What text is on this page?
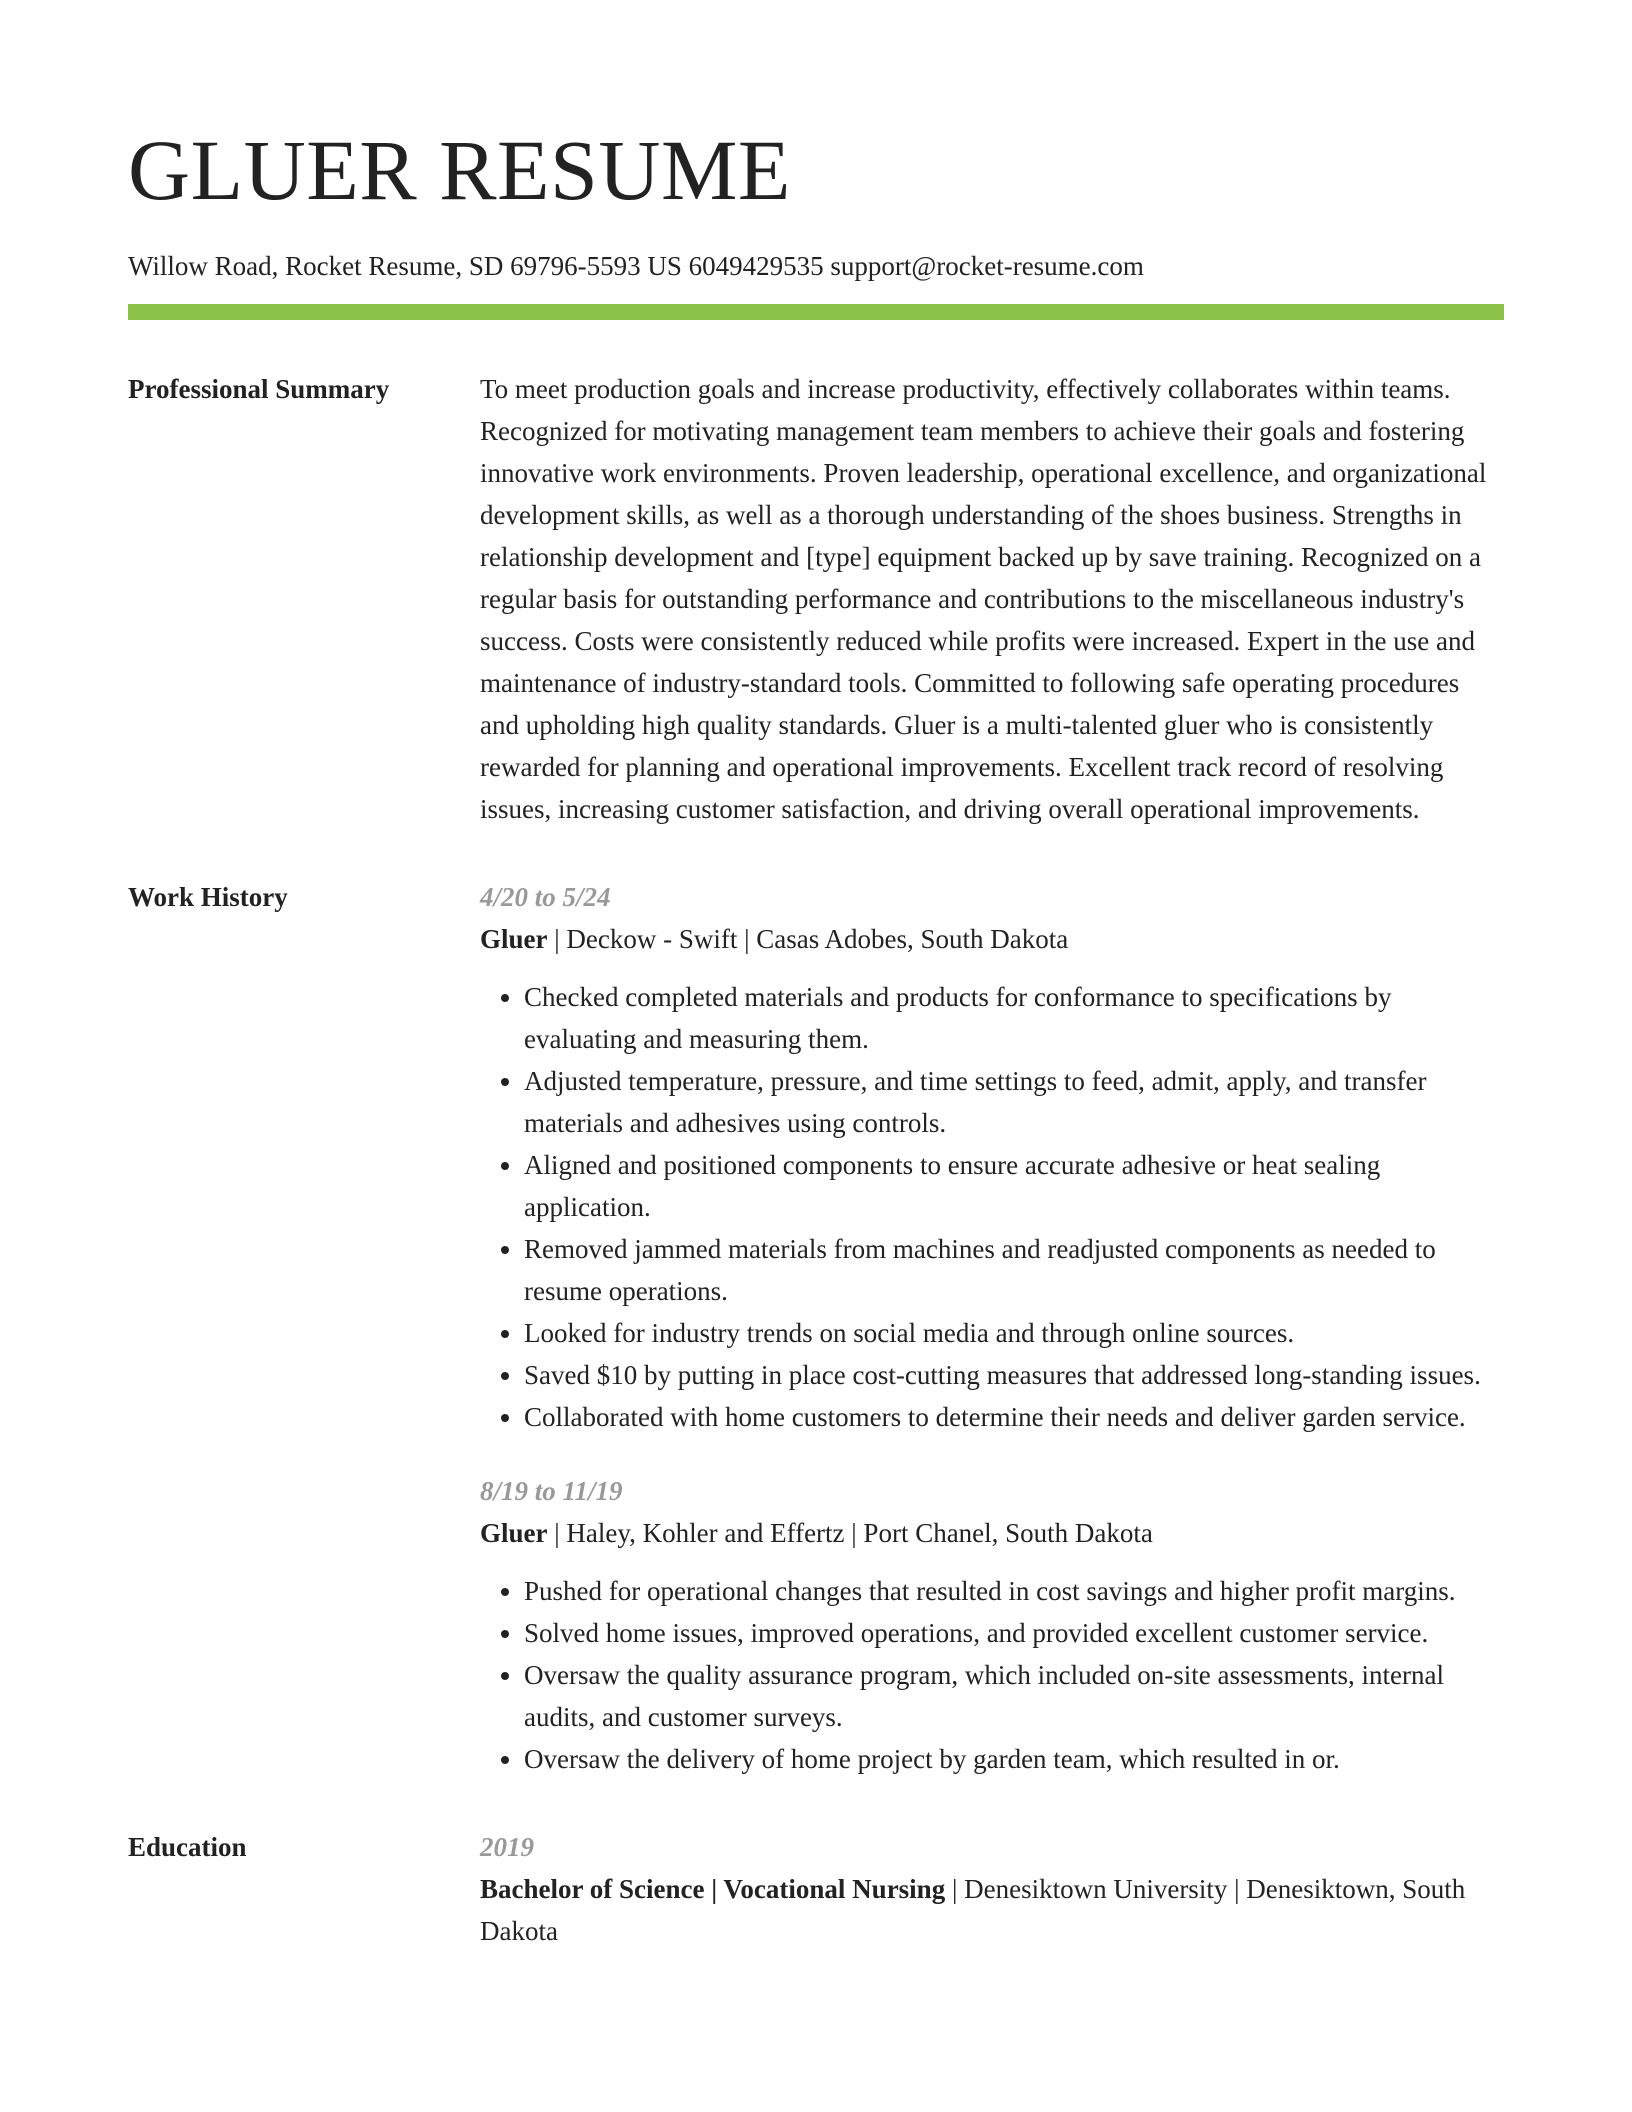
GLUER RESUME
Willow Road, Rocket Resume, SD 69796-5593 US 6049429535 support@rocket-resume.com
Professional Summary	To meet production goals and increase productivity, effectively collaborates within teams. Recognized for motivating management team members to achieve their goals and fostering innovative work environments. Proven leadership, operational excellence, and organizational development skills, as well as a thorough understanding of the shoes business. Strengths in relationship development and [type] equipment backed up by save training. Recognized on a regular basis for outstanding performance and contributions to the miscellaneous industry's success. Costs were consistently reduced while profits were increased. Expert in the use and maintenance of industry-standard tools. Committed to following safe operating procedures and upholding high quality standards. Gluer is a multi-talented gluer who is consistently rewarded for planning and operational improvements. Excellent track record of resolving issues, increasing customer satisfaction, and driving overall operational improvements.

Work History	4/20 to 5/24
Gluer | Deckow - Swift | Casas Adobes, South Dakota
• Checked completed materials and products for conformance to specifications by evaluating and measuring them.
• Adjusted temperature, pressure, and time settings to feed, admit, apply, and transfer materials and adhesives using controls.
• Aligned and positioned components to ensure accurate adhesive or heat sealing application.
• Removed jammed materials from machines and readjusted components as needed to resume operations.
• Looked for industry trends on social media and through online sources.
• Saved $10 by putting in place cost-cutting measures that addressed long-standing issues.
• Collaborated with home customers to determine their needs and deliver garden service.
8/19 to 11/19
Gluer | Haley, Kohler and Effertz | Port Chanel, South Dakota
• Pushed for operational changes that resulted in cost savings and higher profit margins.
• Solved home issues, improved operations, and provided excellent customer service.
• Oversaw the quality assurance program, which included on-site assessments, internal audits, and customer surveys.
• Oversaw the delivery of home project by garden team, which resulted in or.
Education	2019
Bachelor of Science | Vocational Nursing | Denesiktown University | Denesiktown, South Dakota
